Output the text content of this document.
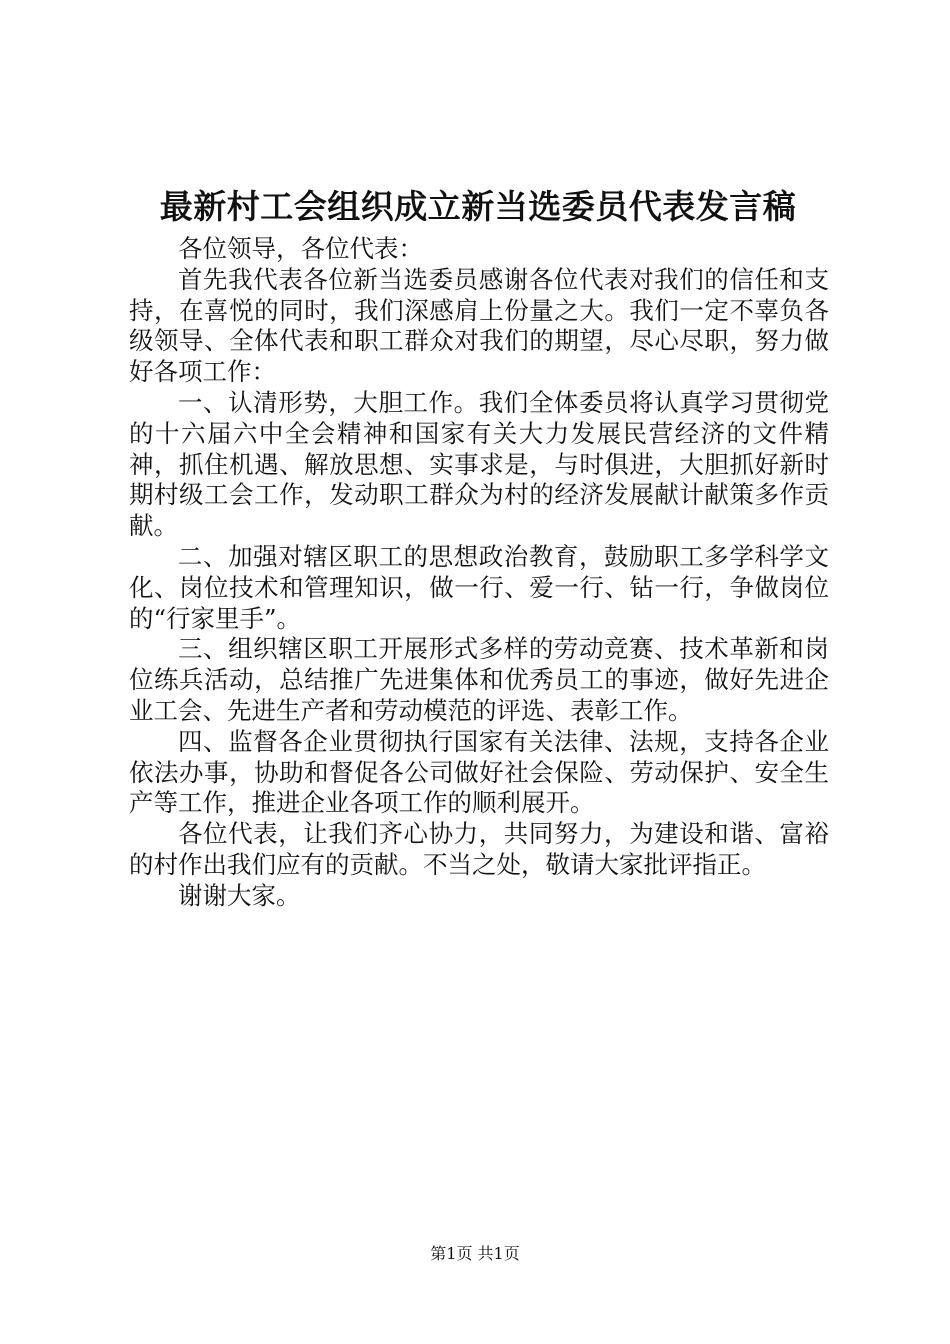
最新村工会组织成立新当选委员代表发言稿

各位领导，各位代表：

首先我代表各位新当选委员感谢各位代表对我们的信任和支持，在喜悦的同时，我们深感肩上份量之大。我们一定不辜负各级领导、全体代表和职工群众对我们的期望，尽心尽职，努力做好各项工作：

一、认清形势，大胆工作。我们全体委员将认真学习贯彻党的十六届六中全会精神和国家有关大力发展民营经济的文件精神，抓住机遇、解放思想、实事求是，与时俱进，大胆抓好新时期村级工会工作，发动职工群众为村的经济发展献计献策多作贡献。

二、加强对辖区职工的思想政治教育，鼓励职工多学科学文化、岗位技术和管理知识，做一行、爱一行、钻一行，争做岗位的“行家里手”。

三、组织辖区职工开展形式多样的劳动竞赛、技术革新和岗位练兵活动，总结推广先进集体和优秀员工的事迹，做好先进企业工会、先进生产者和劳动模范的评选、表彰工作。

四、监督各企业贯彻执行国家有关法律、法规，支持各企业依法办事，协助和督促各公司做好社会保险、劳动保护、安全生产等工作，推进企业各项工作的顺利展开。

各位代表，让我们齐心协力，共同努力，为建设和谐、富裕的村作出我们应有的贡献。不当之处，敬请大家批评指正。

谢谢大家。

第1页 共1页
